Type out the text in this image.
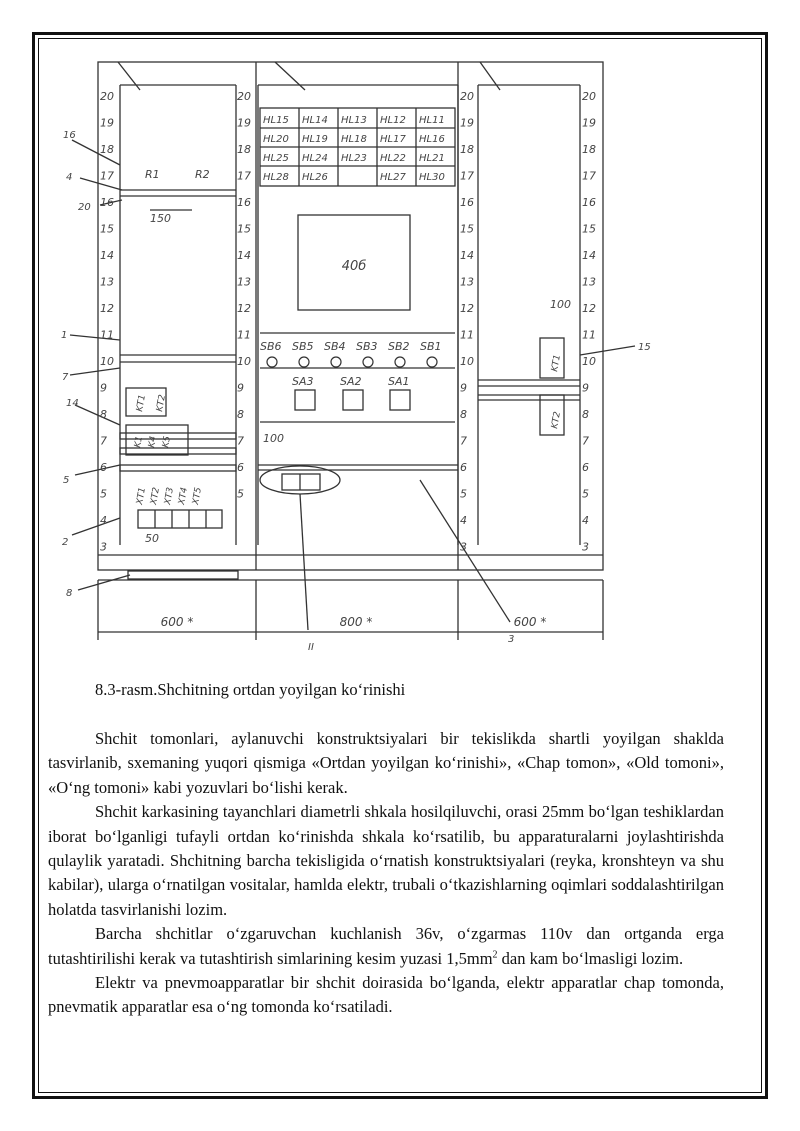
20
19
18
17
16
15
14
13
12
11
10
9
8
7
6
5
4
3
20
19
18
17
16
15
14
13
12
11
10
9
8
7
6
5
20
19
18
17
16
15
14
13
12
11
10
9
8
7
6
5
4
3
20
19
18
17
16
15
14
13
12
11
10
9
8
7
6
5
4
3
HL15 HL14 HL13 HL12 HL11
HL20 HL19 HL18 HL17 HL16
HL25 HL24 HL23 HL22 HL21
HL28 HL26	HL27 HL30
40б
SB6 SB5 SB4 SB3 SB2 SB1
SA3 SA2 SA1
R1	R2
150
50
100
100
XT1 XT2 XT3 XT4 XT5
KT1 KT2
K1 K4 K5
KT1
KT2
600 *	800 *	600 *
16
4
20
1
7
14
5
2
8
15
II
3
8.3-rasm.Shchitning ortdan yoyilgan ko‘rinishi

Shchit tomonlari, aylanuvchi konstruktsiyalari bir tekislikda shartli yoyilgan shaklda tasvirlanib, sxemaning yuqori qismiga «Ortdan yoyilgan ko‘rinishi», «Chap tomon», «Old tomoni», «O‘ng tomoni» kabi yozuvlari bo‘lishi kerak.

Shchit karkasining tayanchlari diametrli shkala hosilqiluvchi, orasi 25mm bo‘lgan teshiklardan iborat bo‘lganligi tufayli ortdan ko‘rinishda shkala ko‘rsatilib, bu apparaturalarni joylashtirishda qulaylik yaratadi. Shchitning barcha tekisligida o‘rnatish konstruktsiyalari (reyka, kronshteyn va shu kabilar), ularga o‘rnatilgan vositalar, hamlda elektr, trubali o‘tkazishlarning oqimlari soddalashtirilgan holatda tasvirlanishi lozim.

Barcha shchitlar o‘zgaruvchan kuchlanish 36v, o‘zgarmas 110v dan ortganda erga tutashtirilishi kerak va tutashtirish simlarining kesim yuzasi $1,5mm^2$ dan kam bo‘lmasligi lozim.

Elektr va pnevmoapparatlar bir shchit doirasida bo‘lganda, elektr apparatlar chap tomonda, pnevmatik apparatlar esa o‘ng tomonda ko‘rsatiladi.
